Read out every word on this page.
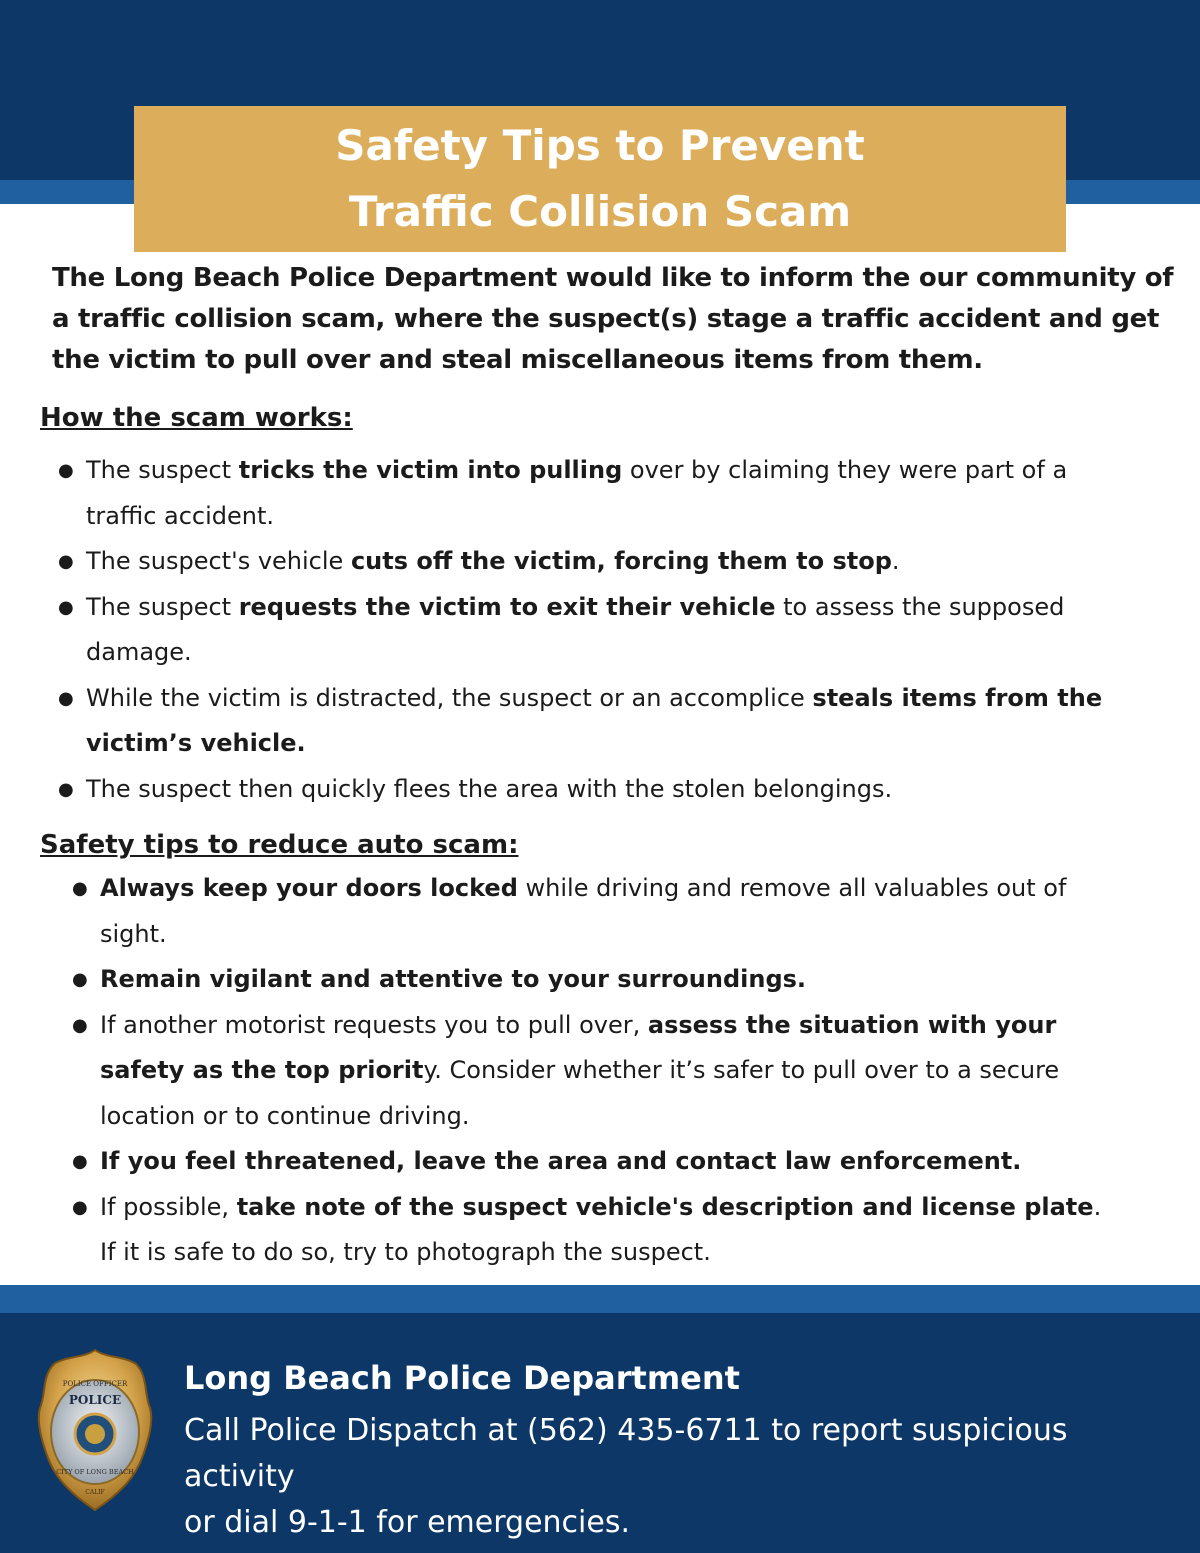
Safety Tips to Prevent
Traffic Collision Scam
The Long Beach Police Department would like to inform the our community of a traffic collision scam, where the suspect(s) stage a traffic accident and get the victim to pull over and steal miscellaneous items from them.
How the scam works:
● The suspect tricks the victim into pulling over by claiming they were part of a traffic accident.
● The suspect's vehicle cuts off the victim, forcing them to stop.
● The suspect requests the victim to exit their vehicle to assess the supposed damage.
● While the victim is distracted, the suspect or an accomplice steals items from the victim’s vehicle.
● The suspect then quickly flees the area with the stolen belongings.
Safety tips to reduce auto scam:
● Always keep your doors locked while driving and remove all valuables out of sight.
● Remain vigilant and attentive to your surroundings.
● If another motorist requests you to pull over, assess the situation with your safety as the top priority. Consider whether it’s safer to pull over to a secure location or to continue driving.
● If you feel threatened, leave the area and contact law enforcement.
● If possible, take note of the suspect vehicle's description and license plate. If it is safe to do so, try to photograph the suspect.
POLICE OFFICER
POLICE
CITY OF LONG BEACH
CALIF
Long Beach Police Department
Call Police Dispatch at (562) 435-6711 to report suspicious activity
or dial 9-1-1 for emergencies.
